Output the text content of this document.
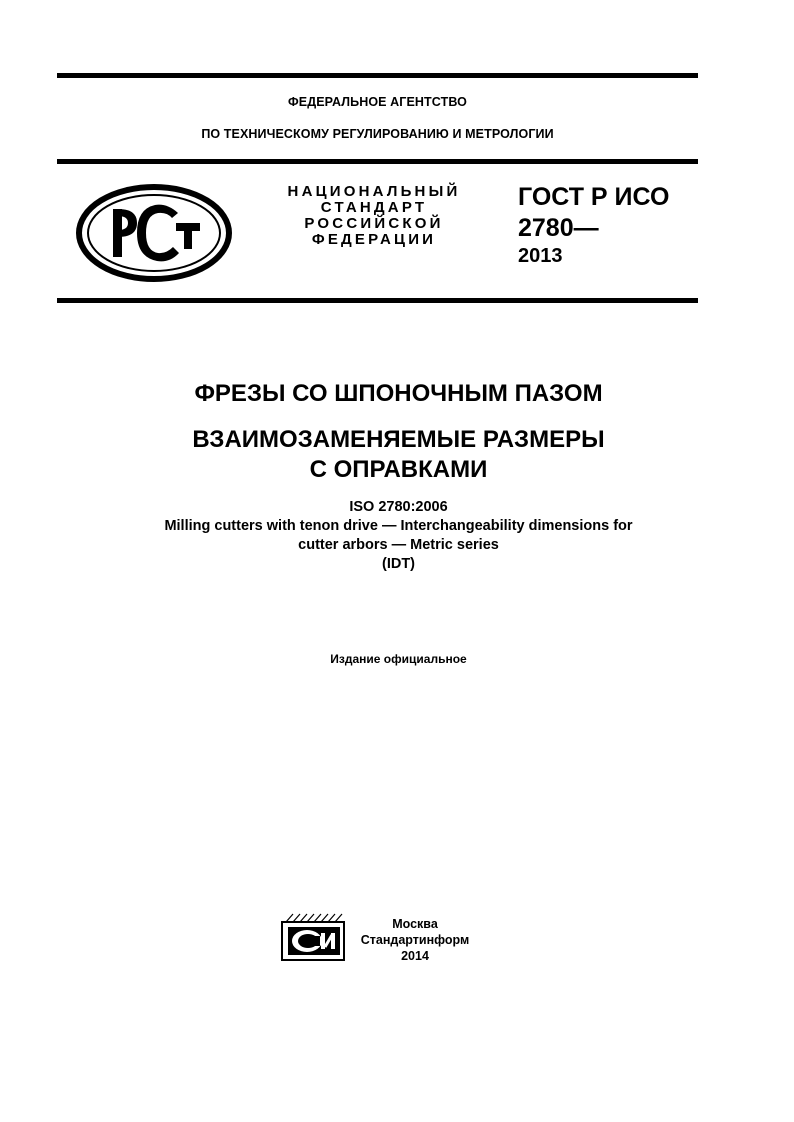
ФЕДЕРАЛЬНОЕ АГЕНТСТВО
ПО ТЕХНИЧЕСКОМУ РЕГУЛИРОВАНИЮ И МЕТРОЛОГИИ
НАЦИОНАЛЬНЫЙ
СТАНДАРТ
РОССИЙСКОЙ
ФЕДЕРАЦИИ
ГОСТ Р ИСО
2780—
2013
ФРЕЗЫ СО ШПОНОЧНЫМ ПАЗОМ
ВЗАИМОЗАМЕНЯЕМЫЕ РАЗМЕРЫ
С ОПРАВКАМИ
ISO 2780:2006
Milling cutters with tenon drive — Interchangeability dimensions for
cutter arbors — Metric series
(IDT)
Издание официальное
Москва
Стандартинформ
2014
